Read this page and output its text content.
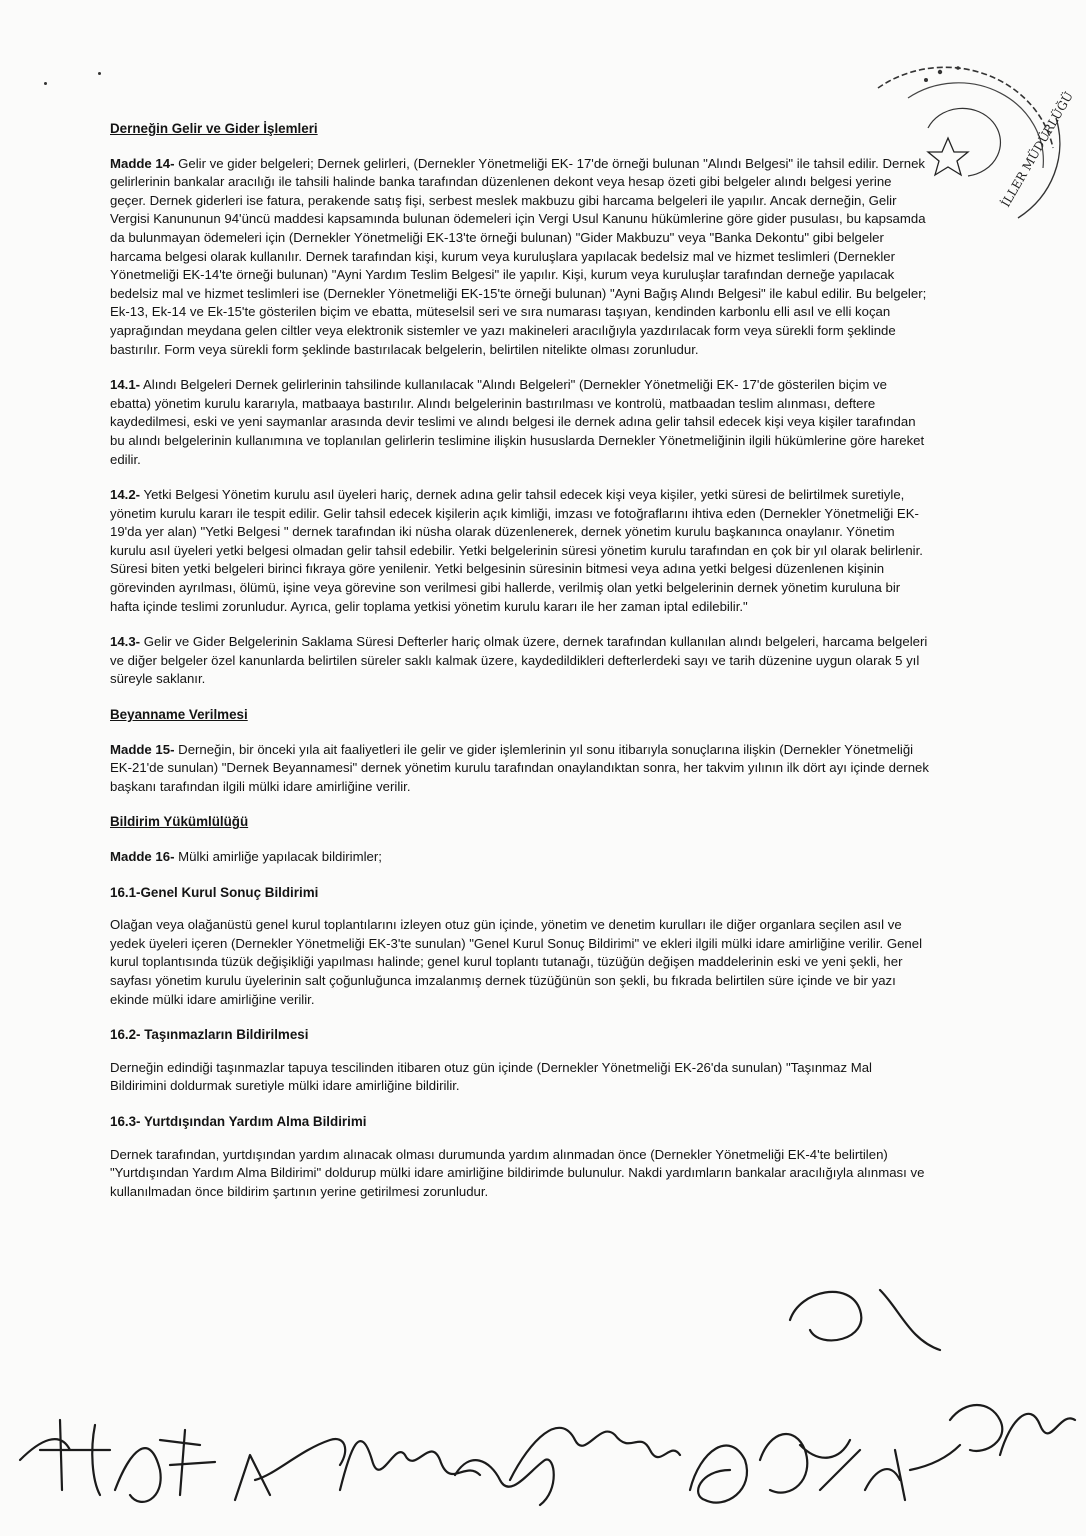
İLLER MÜDÜRLÜĞÜ
Derneğin Gelir ve Gider İşlemleri

Madde 14- Gelir ve gider belgeleri; Dernek gelirleri, (Dernekler Yönetmeliği EK- 17'de örneği bulunan "Alındı Belgesi" ile tahsil edilir. Dernek gelirlerinin bankalar aracılığı ile tahsili halinde banka tarafından düzenlenen dekont veya hesap özeti gibi belgeler alındı belgesi yerine geçer. Dernek giderleri ise fatura, perakende satış fişi, serbest meslek makbuzu gibi harcama belgeleri ile yapılır. Ancak derneğin, Gelir Vergisi Kanununun 94'üncü maddesi kapsamında bulunan ödemeleri için Vergi Usul Kanunu hükümlerine göre gider pusulası, bu kapsamda da bulunmayan ödemeleri için (Dernekler Yönetmeliği EK-13'te örneği bulunan) "Gider Makbuzu" veya "Banka Dekontu" gibi belgeler harcama belgesi olarak kullanılır. Dernek tarafından kişi, kurum veya kuruluşlara yapılacak bedelsiz mal ve hizmet teslimleri (Dernekler Yönetmeliği EK-14'te örneği bulunan) "Ayni Yardım Teslim Belgesi" ile yapılır. Kişi, kurum veya kuruluşlar tarafından derneğe yapılacak bedelsiz mal ve hizmet teslimleri ise (Dernekler Yönetmeliği EK-15'te örneği bulunan) "Ayni Bağış Alındı Belgesi" ile kabul edilir. Bu belgeler; Ek-13, Ek-14 ve Ek-15'te gösterilen biçim ve ebatta, müteselsil seri ve sıra numarası taşıyan, kendinden karbonlu elli asıl ve elli koçan yaprağından meydana gelen ciltler veya elektronik sistemler ve yazı makineleri aracılığıyla yazdırılacak form veya sürekli form şeklinde bastırılır. Form veya sürekli form şeklinde bastırılacak belgelerin, belirtilen nitelikte olması zorunludur.

14.1- Alındı Belgeleri Dernek gelirlerinin tahsilinde kullanılacak "Alındı Belgeleri" (Dernekler Yönetmeliği EK- 17'de gösterilen biçim ve ebatta) yönetim kurulu kararıyla, matbaaya bastırılır. Alındı belgelerinin bastırılması ve kontrolü, matbaadan teslim alınması, deftere kaydedilmesi, eski ve yeni saymanlar arasında devir teslimi ve alındı belgesi ile dernek adına gelir tahsil edecek kişi veya kişiler tarafından bu alındı belgelerinin kullanımına ve toplanılan gelirlerin teslimine ilişkin hususlarda Dernekler Yönetmeliğinin ilgili hükümlerine göre hareket edilir.

14.2- Yetki Belgesi Yönetim kurulu asıl üyeleri hariç, dernek adına gelir tahsil edecek kişi veya kişiler, yetki süresi de belirtilmek suretiyle, yönetim kurulu kararı ile tespit edilir. Gelir tahsil edecek kişilerin açık kimliği, imzası ve fotoğraflarını ihtiva eden (Dernekler Yönetmeliği EK- 19'da yer alan) "Yetki Belgesi " dernek tarafından iki nüsha olarak düzenlenerek, dernek yönetim kurulu başkanınca onaylanır. Yönetim kurulu asıl üyeleri yetki belgesi olmadan gelir tahsil edebilir. Yetki belgelerinin süresi yönetim kurulu tarafından en çok bir yıl olarak belirlenir. Süresi biten yetki belgeleri birinci fıkraya göre yenilenir. Yetki belgesinin süresinin bitmesi veya adına yetki belgesi düzenlenen kişinin görevinden ayrılması, ölümü, işine veya görevine son verilmesi gibi hallerde, verilmiş olan yetki belgelerinin dernek yönetim kuruluna bir hafta içinde teslimi zorunludur. Ayrıca, gelir toplama yetkisi yönetim kurulu kararı ile her zaman iptal edilebilir."

14.3- Gelir ve Gider Belgelerinin Saklama Süresi Defterler hariç olmak üzere, dernek tarafından kullanılan alındı belgeleri, harcama belgeleri ve diğer belgeler özel kanunlarda belirtilen süreler saklı kalmak üzere, kaydedildikleri defterlerdeki sayı ve tarih düzenine uygun olarak 5 yıl süreyle saklanır.

Beyanname Verilmesi

Madde 15- Derneğin, bir önceki yıla ait faaliyetleri ile gelir ve gider işlemlerinin yıl sonu itibarıyla sonuçlarına ilişkin (Dernekler Yönetmeliği EK-21'de sunulan) "Dernek Beyannamesi" dernek yönetim kurulu tarafından onaylandıktan sonra, her takvim yılının ilk dört ayı içinde dernek başkanı tarafından ilgili mülki idare amirliğine verilir.

Bildirim Yükümlülüğü

Madde 16- Mülki amirliğe yapılacak bildirimler;

16.1-Genel Kurul Sonuç Bildirimi

Olağan veya olağanüstü genel kurul toplantılarını izleyen otuz gün içinde, yönetim ve denetim kurulları ile diğer organlara seçilen asıl ve yedek üyeleri içeren (Dernekler Yönetmeliği EK-3'te sunulan) "Genel Kurul Sonuç Bildirimi" ve ekleri ilgili mülki idare amirliğine verilir. Genel kurul toplantısında tüzük değişikliği yapılması halinde; genel kurul toplantı tutanağı, tüzüğün değişen maddelerinin eski ve yeni şekli, her sayfası yönetim kurulu üyelerinin salt çoğunluğunca imzalanmış dernek tüzüğünün son şekli, bu fıkrada belirtilen süre içinde ve bir yazı ekinde mülki idare amirliğine verilir.

16.2- Taşınmazların Bildirilmesi

Derneğin edindiği taşınmazlar tapuya tescilinden itibaren otuz gün içinde (Dernekler Yönetmeliği EK-26'da sunulan) "Taşınmaz Mal Bildirimini doldurmak suretiyle mülki idare amirliğine bildirilir.

16.3- Yurtdışından Yardım Alma Bildirimi

Dernek tarafından, yurtdışından yardım alınacak olması durumunda yardım alınmadan önce (Dernekler Yönetmeliği EK-4'te belirtilen) "Yurtdışından Yardım Alma Bildirimi" doldurup mülki idare amirliğine bildirimde bulunulur. Nakdi yardımların bankalar aracılığıyla alınması ve kullanılmadan önce bildirim şartının yerine getirilmesi zorunludur.
